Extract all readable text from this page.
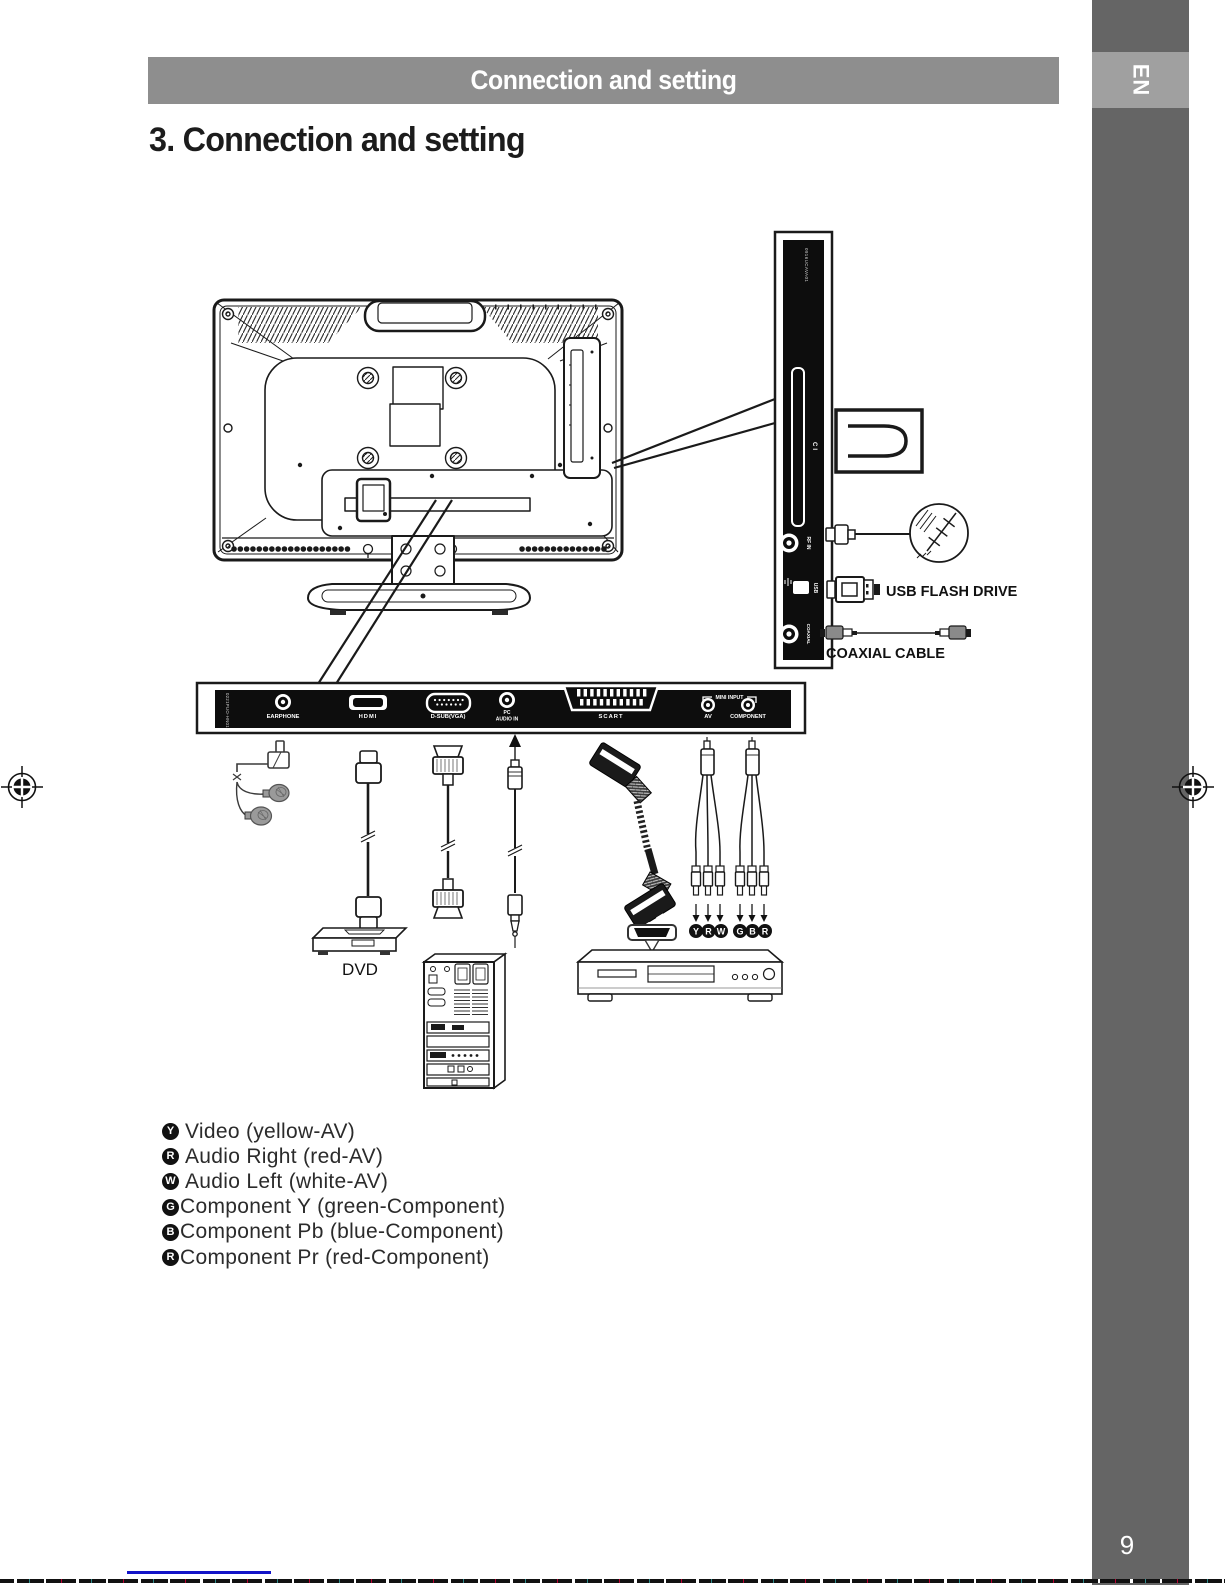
Connection and setting
3. Connection and setting
EN
9
0916UCAVA01
CI
RF IN
USB
COAXIAL
USB FLASH DRIVE
COAXIAL CABLE
0221PUO-HN01	EARPHONE	HDMI	D-SUB(VGA)
PC
AUDIO IN	SCART
MINI INPUT
AV	COMPONENT
DVD
Y R W G B R
Y Video (yellow-AV)
R Audio Right (red-AV)
W Audio Left (white-AV)
G Component Y (green-Component)
B Component Pb (blue-Component)
R Component Pr (red-Component)
